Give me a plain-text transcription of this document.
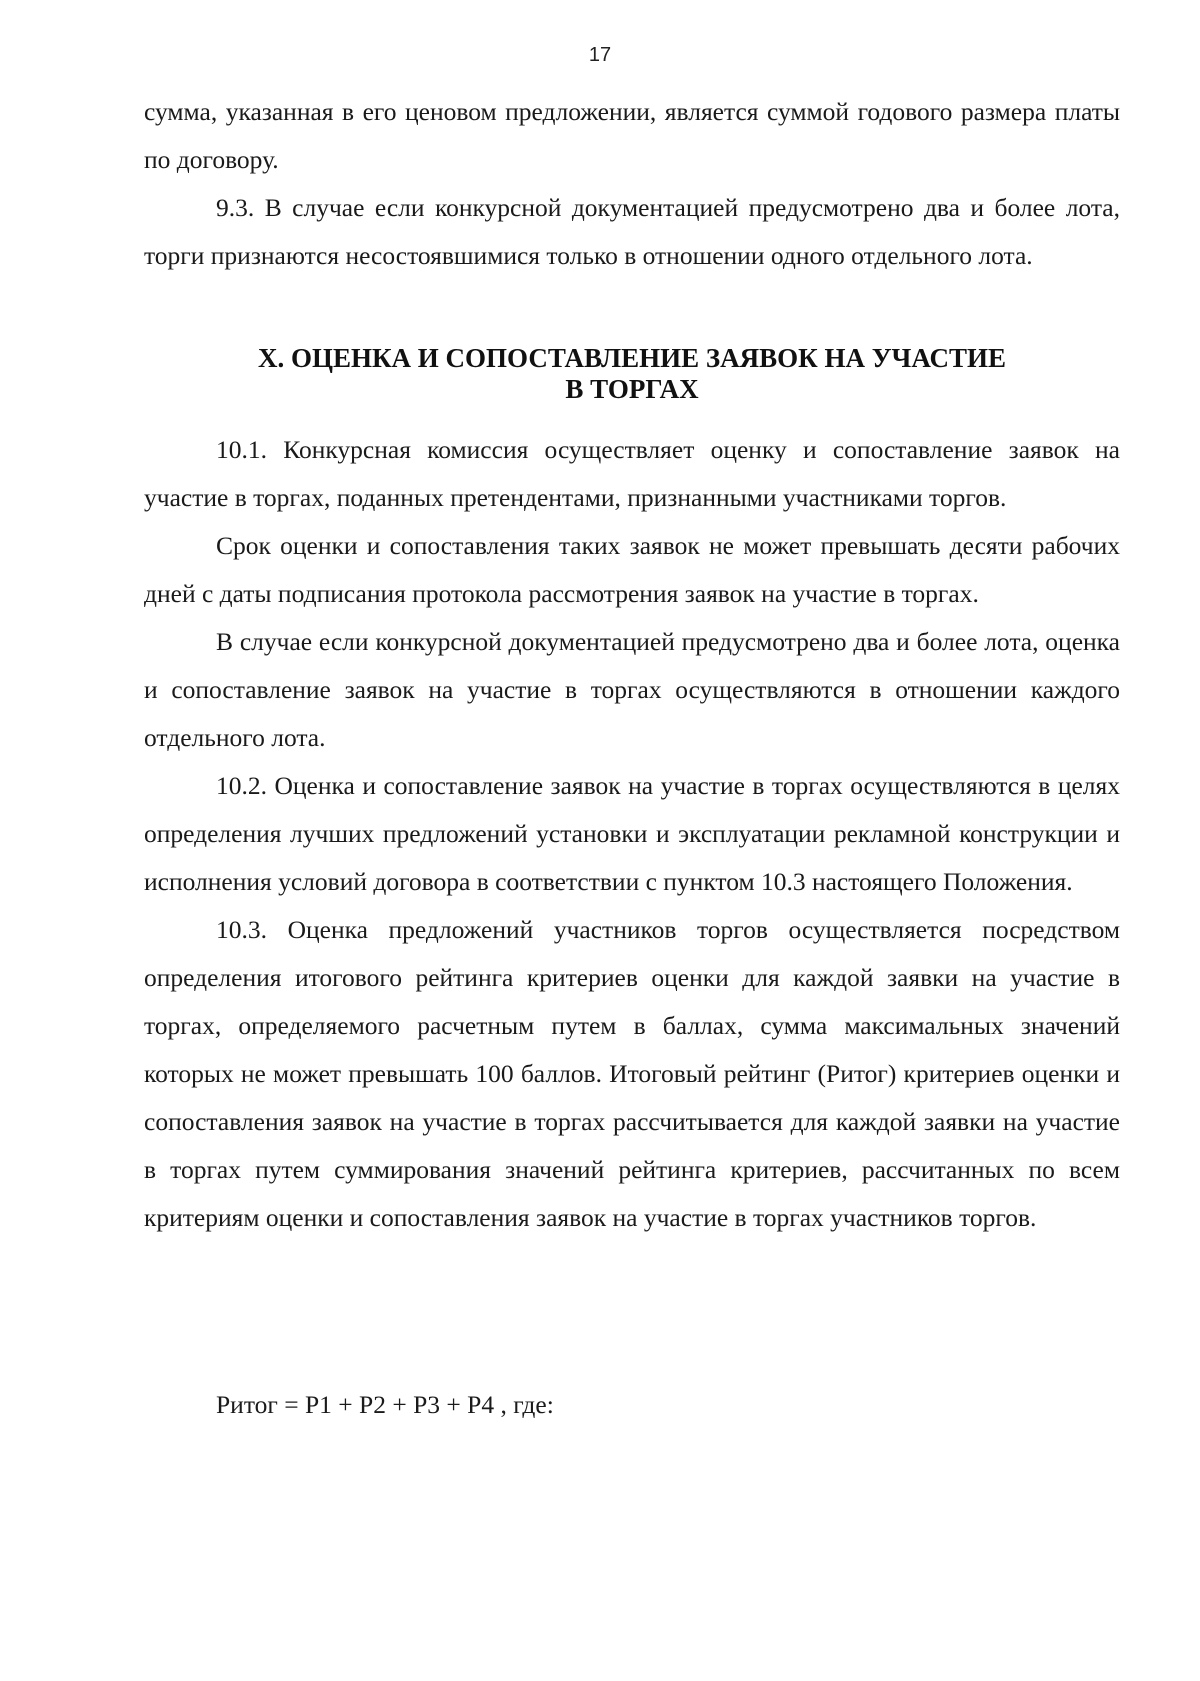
17

сумма, указанная в его ценовом предложении, является суммой годового размера платы по договору.

9.3. В случае если конкурсной документацией предусмотрено два и более лота, торги признаются несостоявшимися только в отношении одного отдельного лота.

X. ОЦЕНКА И СОПОСТАВЛЕНИЕ ЗАЯВОК НА УЧАСТИЕ
В ТОРГАХ

10.1. Конкурсная комиссия осуществляет оценку и сопоставление заявок на участие в торгах, поданных претендентами, признанными участниками торгов.

Срок оценки и сопоставления таких заявок не может превышать десяти рабочих дней с даты подписания протокола рассмотрения заявок на участие в торгах.

В случае если конкурсной документацией предусмотрено два и более лота, оценка и сопоставление заявок на участие в торгах осуществляются в отношении каждого отдельного лота.

10.2. Оценка и сопоставление заявок на участие в торгах осуществляются в целях определения лучших предложений установки и эксплуатации рекламной конструкции и исполнения условий договора в соответствии с пунктом 10.3 настоящего Положения.

10.3. Оценка предложений участников торгов осуществляется посредством определения итогового рейтинга критериев оценки для каждой заявки на участие в торгах, определяемого расчетным путем в баллах, сумма максимальных значений которых не может превышать 100 баллов. Итоговый рейтинг (Ритог) критериев оценки и сопоставления заявок на участие в торгах рассчитывается для каждой заявки на участие в торгах путем суммирования значений рейтинга критериев, рассчитанных по всем критериям оценки и сопоставления заявок на участие в торгах участников торгов.

Ритог = Р1 + Р2 + Р3 + Р4 , где:
